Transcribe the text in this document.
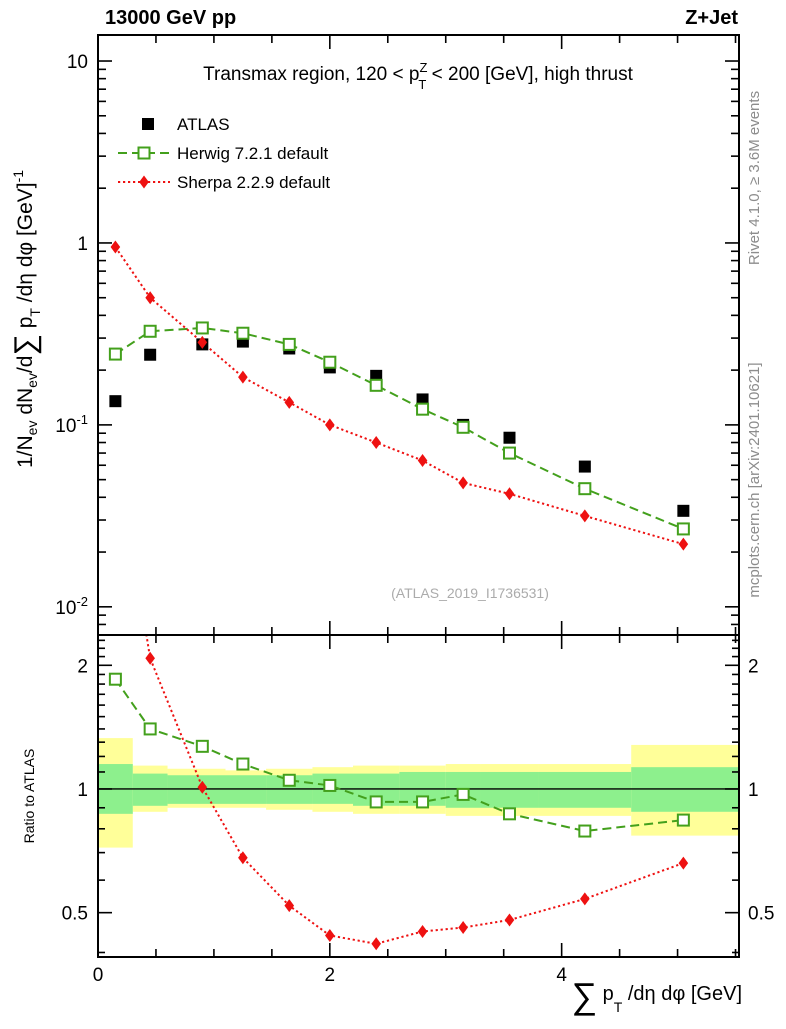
10
1
$10^{-1}$
$10^{-2}$
0	2	4
2	2
1	1
0.5	0.5
13000 GeV pp	Z+Jet
Transmax region, $120 < p^Z$ T < 200 [GeV], high thrust
ATLAS
Herwig 7.2.1 default
Sherpa 2.2.9 default
$1/N_{ev}$ $dN_{ev}/d\sum$ $p_T$ /dη dφ [GeV]$^{-1}$
∑ $p_T$ /dη dφ [GeV]
Ratio to ATLAS
Rivet 4.1.0, ≥ 3.6M events
mcplots.cern.ch [arXiv:2401.10621]
(ATLAS_2019_I1736531)
